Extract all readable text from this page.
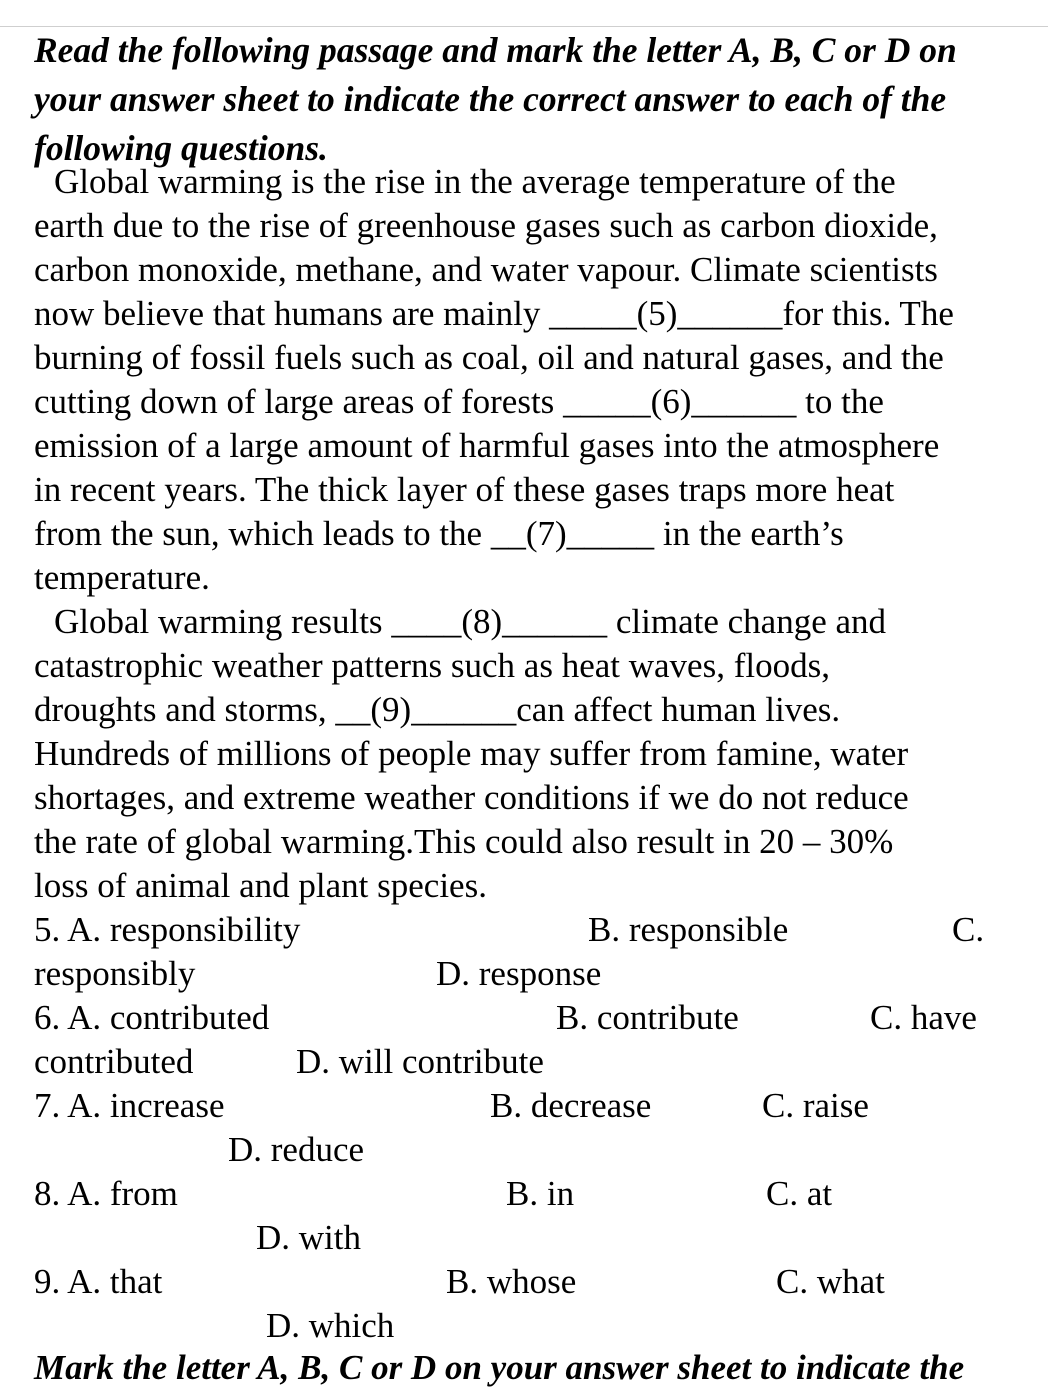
Read the following passage and mark the letter A, B, C or D on your answer sheet to indicate the correct answer to each of the following questions.
Global warming is the rise in the average temperature of the
earth due to the rise of greenhouse gases such as carbon dioxide,
carbon monoxide, methane, and water vapour. Climate scientists
now believe that humans are mainly _____(5)______for this. The
burning of fossil fuels such as coal, oil and natural gases, and the
cutting down of large areas of forests _____(6)______ to the
emission of a large amount of harmful gases into the atmosphere
in recent years. The thick layer of these gases traps more heat
from the sun, which leads to the __(7)_____ in the earth’s
temperature.
Global warming results ____(8)______ climate change and
catastrophic weather patterns such as heat waves, floods,
droughts and storms, __(9)______can affect human lives.
Hundreds of millions of people may suffer from famine, water
shortages, and extreme weather conditions if we do not reduce
the rate of global warming.This could also result in 20 – 30%
loss of animal and plant species.
5. A. responsibility	B. responsible	C.
responsibly	D. response
6. A. contributed	B. contribute	C. have
contributed	D. will contribute
7. A. increase	B. decrease	C. raise
D. reduce
8. A. from	B. in	C. at
D. with
9. A. that	B. whose	C. what
D. which
Mark the letter A, B, C or D on your answer sheet to indicate the
